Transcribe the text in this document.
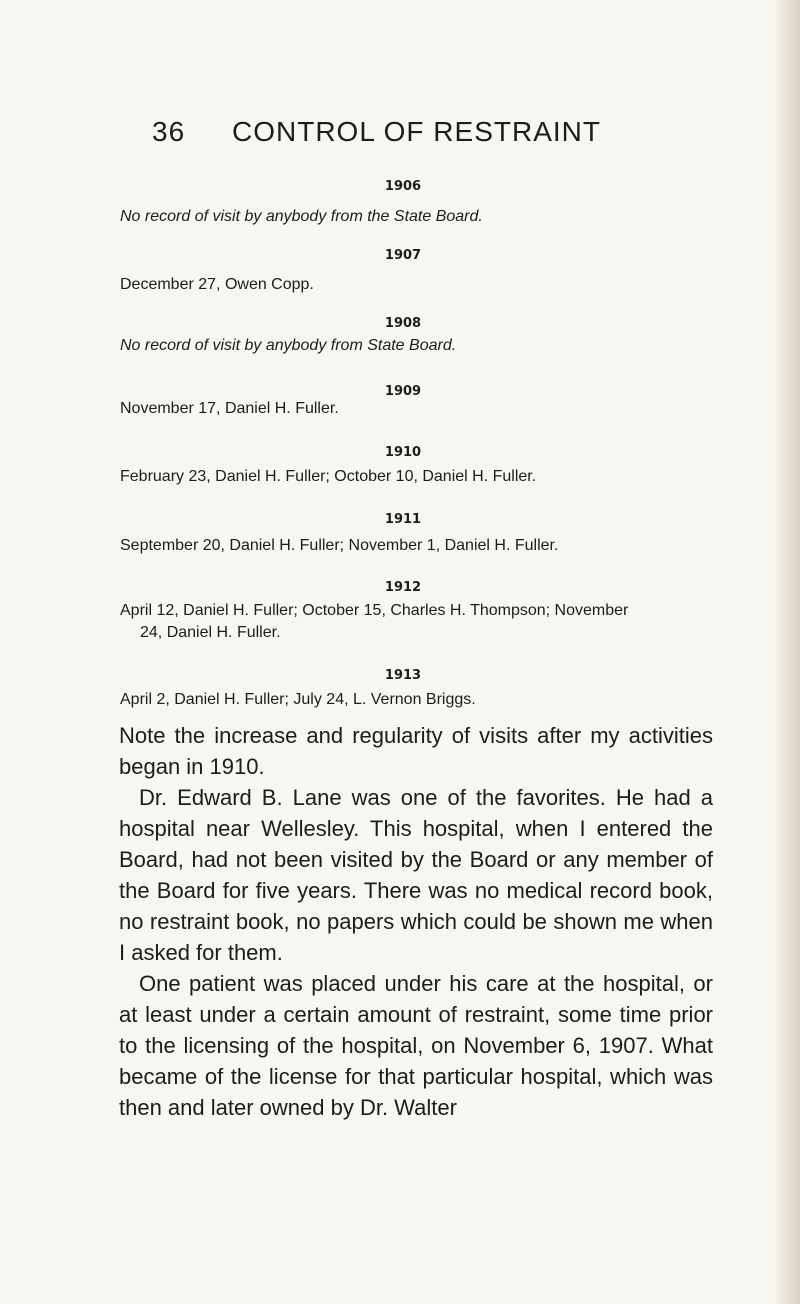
36 CONTROL OF RESTRAINT
1906
No record of visit by anybody from the State Board.
1907
December 27, Owen Copp.
1908
No record of visit by anybody from State Board.
1909
November 17, Daniel H. Fuller.
1910
February 23, Daniel H. Fuller; October 10, Daniel H. Fuller.
1911
September 20, Daniel H. Fuller; November 1, Daniel H. Fuller.
1912
April 12, Daniel H. Fuller; October 15, Charles H. Thompson; November
24, Daniel H. Fuller.
1913
April 2, Daniel H. Fuller; July 24, L. Vernon Briggs.

Note the increase and regularity of visits after my activities began in 1910.

Dr. Edward B. Lane was one of the favorites. He had a hospital near Wellesley. This hospital, when I entered the Board, had not been visited by the Board or any member of the Board for five years. There was no medical record book, no restraint book, no papers which could be shown me when I asked for them.

One patient was placed under his care at the hospital, or at least under a certain amount of restraint, some time prior to the licensing of the hospital, on November 6, 1907. What became of the license for that particular hospital, which was then and later owned by Dr. Walter
